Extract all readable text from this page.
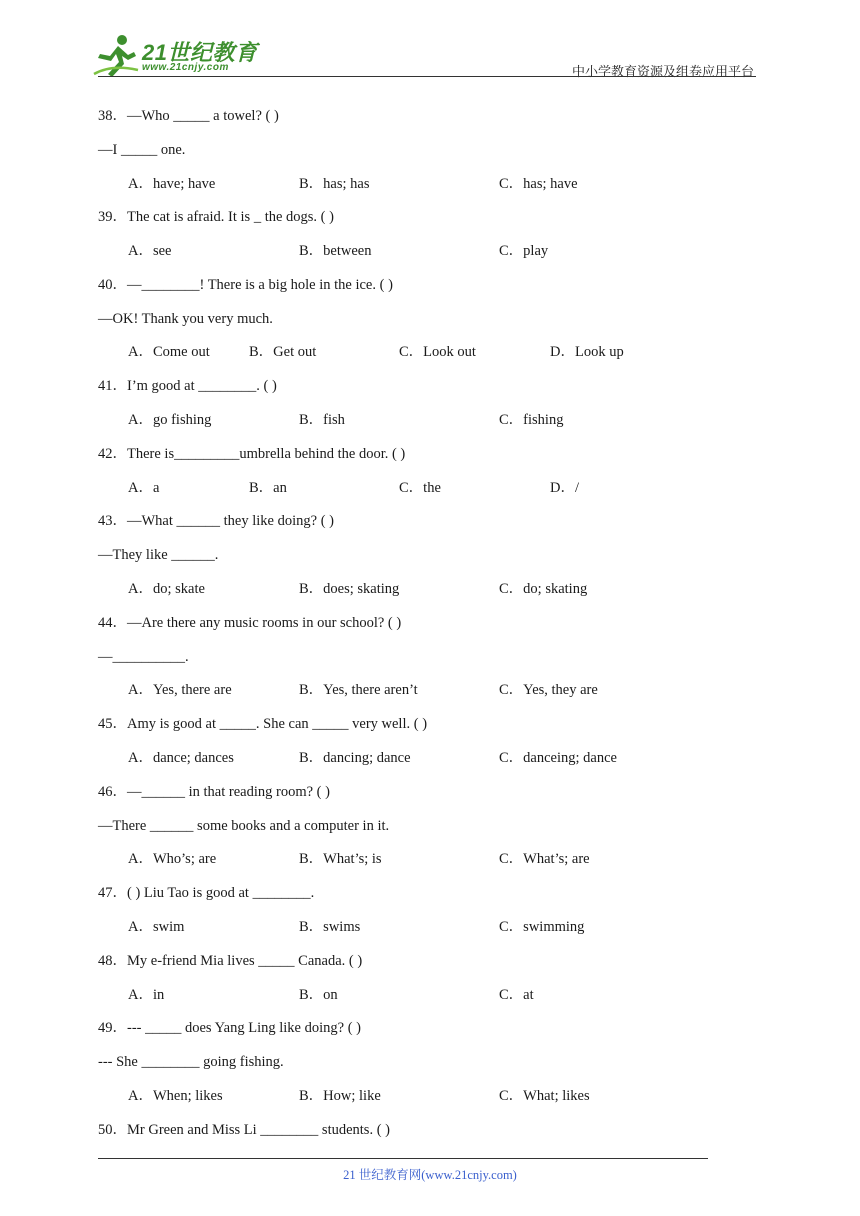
21世纪教育
www.21cnjy.com	中小学教育资源及组卷应用平台
38．—Who _____ a towel? ( )
—I _____ one.
A．have; have	B．has; has	C．has; have
39．The cat is afraid. It is _ the dogs. ( )
A．see	B．between	C．play
40．—________! There is a big hole in the ice. ( )
—OK! Thank you very much.
A．Come out	B．Get out	C．Look out	D．Look up
41．I’m good at ________. ( )
A．go fishing	B．fish	C．fishing
42．There is_________umbrella behind the door. ( )
A．a	B．an	C．the	D．/
43．—What ______ they like doing? ( )
—They like ______.
A．do; skate	B．does; skating	C．do; skating
44．—Are there any music rooms in our school? ( )
—__________.
A．Yes, there are	B．Yes, there aren’t	C．Yes, they are
45．Amy is good at _____. She can _____ very well. ( )
A．dance; dances	B．dancing; dance	C．danceing; dance
46．—______ in that reading room? ( )
—There ______ some books and a computer in it.
A．Who’s; are	B．What’s; is	C．What’s; are
47．( ) Liu Tao is good at ________.
A．swim	B．swims	C．swimming
48．My e-friend Mia lives _____ Canada. ( )
A．in	B．on	C．at
49．--- _____ does Yang Ling like doing? ( )
--- She ________ going fishing.
A．When; likes	B．How; like	C．What; likes
50．Mr Green and Miss Li ________ students. ( )
21 世纪教育网(www.21cnjy.com)
